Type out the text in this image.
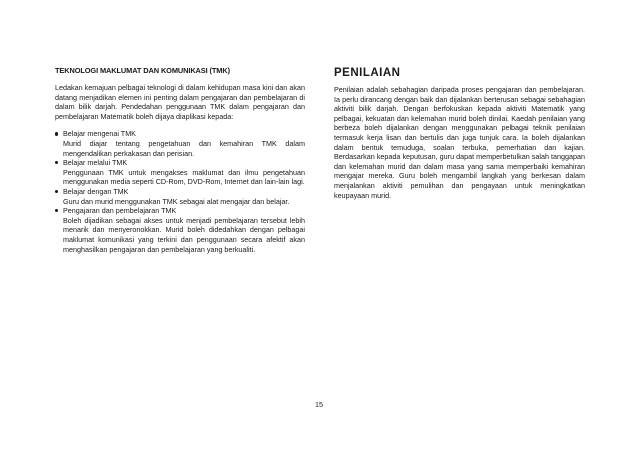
TEKNOLOGI MAKLUMAT DAN KOMUNIKASI (TMK)

Ledakan kemajuan pelbagai teknologi di dalam kehidupan masa kini dan akan datang menjadikan elemen ini penting dalam pengajaran dan pembelajaran di dalam bilik darjah. Pendedahan penggunaan TMK dalam pengajaran dan pembelajaran Matematik boleh dijaya diaplikasi kepada:

Belajar mengenai TMK
Murid diajar tentang pengetahuan dan kemahiran TMK dalam mengendalikan perkakasan dan perisian.
Belajar melalui TMK
Penggunaan TMK untuk mengakses maklumat dan ilmu pengetahuan menggunakan media seperti CD-Rom, DVD-Rom, Internet dan lain-lain lagi.
Belajar dengan TMK
Guru dan murid menggunakan TMK sebagai alat mengajar dan belajar.
Pengajaran dan pembelajaran TMK
Boleh dijadikan sebagai akses untuk menjadi pembelajaran tersebut lebih menarik dan menyeronokkan. Murid boleh didedahkan dengan pelbagai maklumat komunikasi yang terkini dan penggunaan secara afektif akan menghasilkan pengajaran dan pembelajaran yang berkualiti.
PENILAIAN

Penilaian adalah sebahagian daripada proses pengajaran dan pembelajaran. Ia perlu dirancang dengan baik dan dijalankan berterusan sebagai sebahagian aktiviti bilik darjah. Dengan berfokuskan kepada aktiviti Matematik yang pelbagai, kekuatan dan kelemahan murid boleh dinilai. Kaedah penilaian yang berbeza boleh dijalankan dengan menggunakan pelbagai teknik penilaian termasuk kerja lisan dan bertulis dan juga tunjuk cara. Ia boleh dijalankan dalam bentuk temuduga, soalan terbuka, pemerhatian dan kajian. Berdasarkan kepada keputusan, guru dapat memperbetulkan salah tanggapan dan kelemahan murid dan dalam masa yang sama memperbaiki kemahiran mengajar mereka. Guru boleh mengambil langkah yang berkesan dalam menjalankan aktiviti pemulihan dan pengayaan untuk meningkatkan keupayaan murid.

15
